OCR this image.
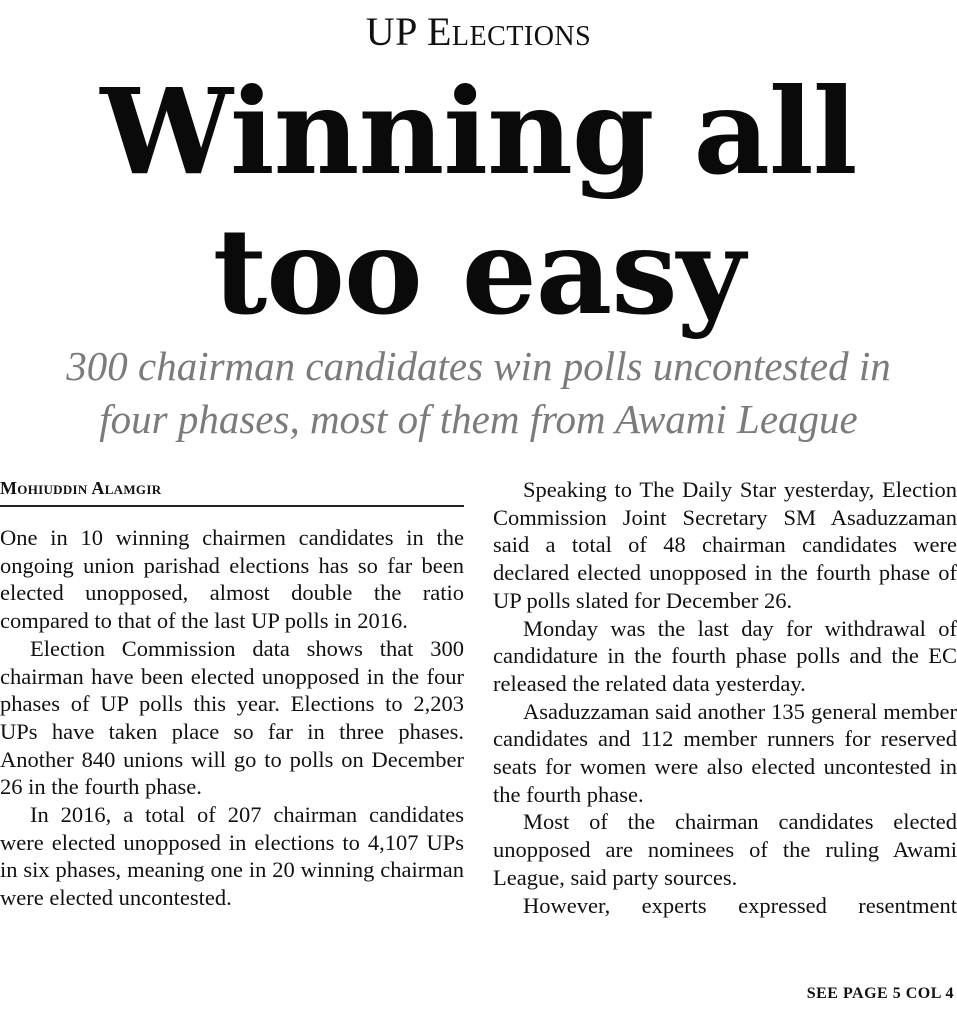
UP Elections
Winning all
too easy
300 chairman candidates win polls uncontested in
four phases, most of them from Awami League
Mohiuddin Alamgir

One in 10 winning chairmen candidates in the ongoing union parishad elections has so far been elected unopposed, almost double the ratio compared to that of the last UP polls in 2016.

Election Commission data shows that 300 chairman have been elected unopposed in the four phases of UP polls this year. Elections to 2,203 UPs have taken place so far in three phases. Another 840 unions will go to polls on December 26 in the fourth phase.

In 2016, a total of 207 chairman candidates were elected unopposed in elections to 4,107 UPs in six phases, meaning one in 20 winning chairman were elected uncontested.

Speaking to The Daily Star yesterday, Election Commission Joint Secretary SM Asaduzzaman said a total of 48 chairman candidates were declared elected unopposed in the fourth phase of UP polls slated for December 26.

Monday was the last day for withdrawal of candidature in the fourth phase polls and the EC released the related data yesterday.

Asaduzzaman said another 135 general member candidates and 112 member runners for reserved seats for women were also elected uncontested in the fourth phase.

Most of the chairman candidates elected unopposed are nominees of the ruling Awami League, said party sources.

However, experts expressed resentment

SEE PAGE 5 COL 4
